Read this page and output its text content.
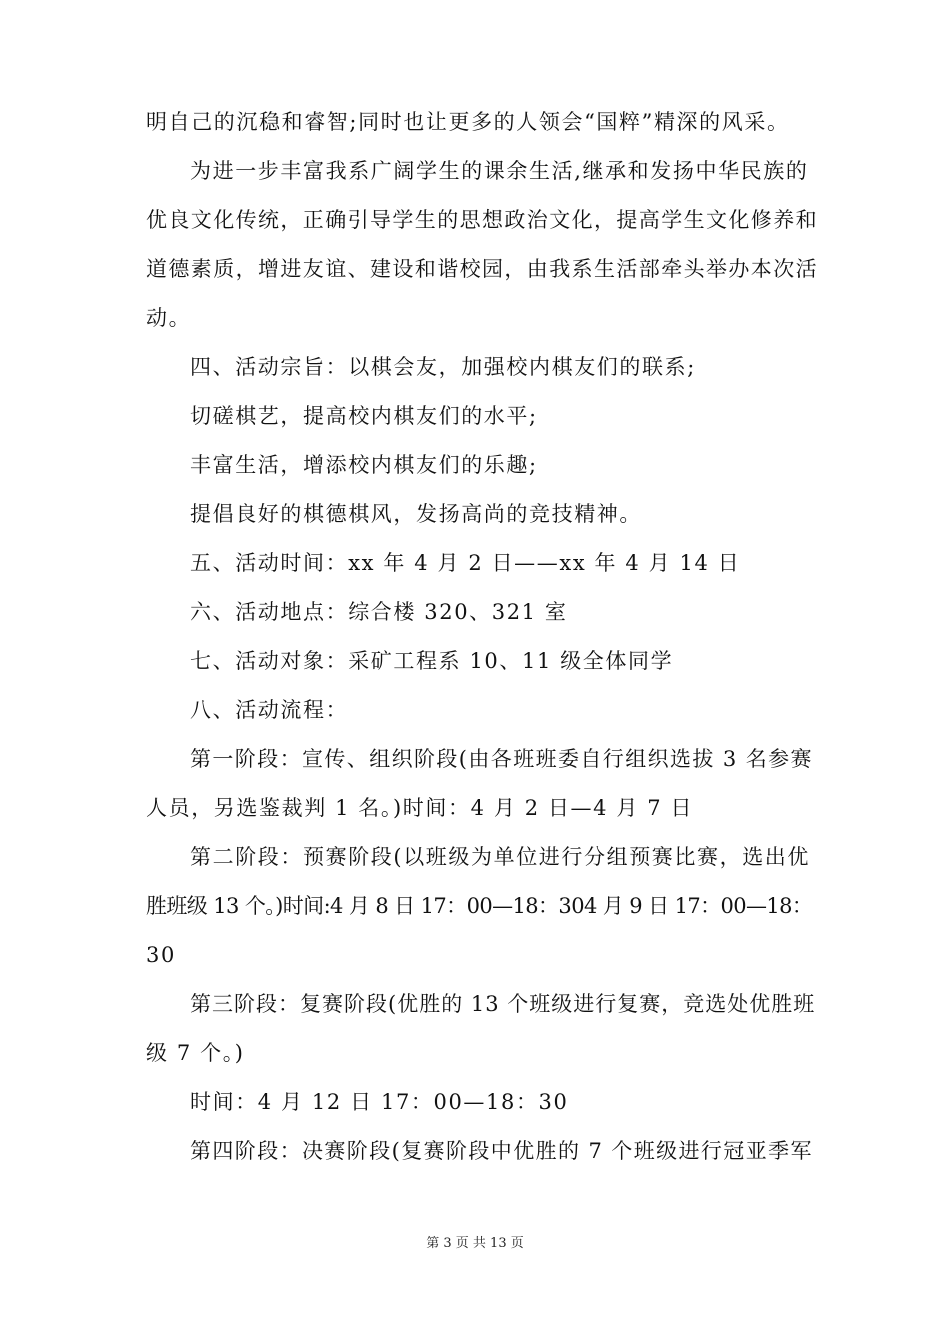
明自己的沉稳和睿智;同时也让更多的人领会“国粹”精深的风采。
为进一步丰富我系广阔学生的课余生活,继承和发扬中华民族的
优良文化传统，正确引导学生的思想政治文化，提高学生文化修养和
道德素质，增进友谊、建设和谐校园，由我系生活部牵头举办本次活
动。
四、活动宗旨：以棋会友，加强校内棋友们的联系;
切磋棋艺，提高校内棋友们的水平;
丰富生活，增添校内棋友们的乐趣;
提倡良好的棋德棋风，发扬高尚的竞技精神。
五、活动时间：xx 年 4 月 2 日——xx 年 4 月 14 日
六、活动地点：综合楼 320、321 室
七、活动对象：采矿工程系 10、11 级全体同学
八、活动流程：
第一阶段：宣传、组织阶段(由各班班委自行组织选拔 3 名参赛
人员，另选鉴裁判 1 名。)时间：4 月 2 日—4 月 7 日
第二阶段：预赛阶段(以班级为单位进行分组预赛比赛，选出优
胜班级 13 个。)时间:4 月 8 日 17：00—18：304 月 9 日 17：00—18：
30
第三阶段：复赛阶段(优胜的 13 个班级进行复赛，竞选处优胜班
级 7 个。)
时间：4 月 12 日 17：00—18：30
第四阶段：决赛阶段(复赛阶段中优胜的 7 个班级进行冠亚季军
第 3 页 共 13 页
